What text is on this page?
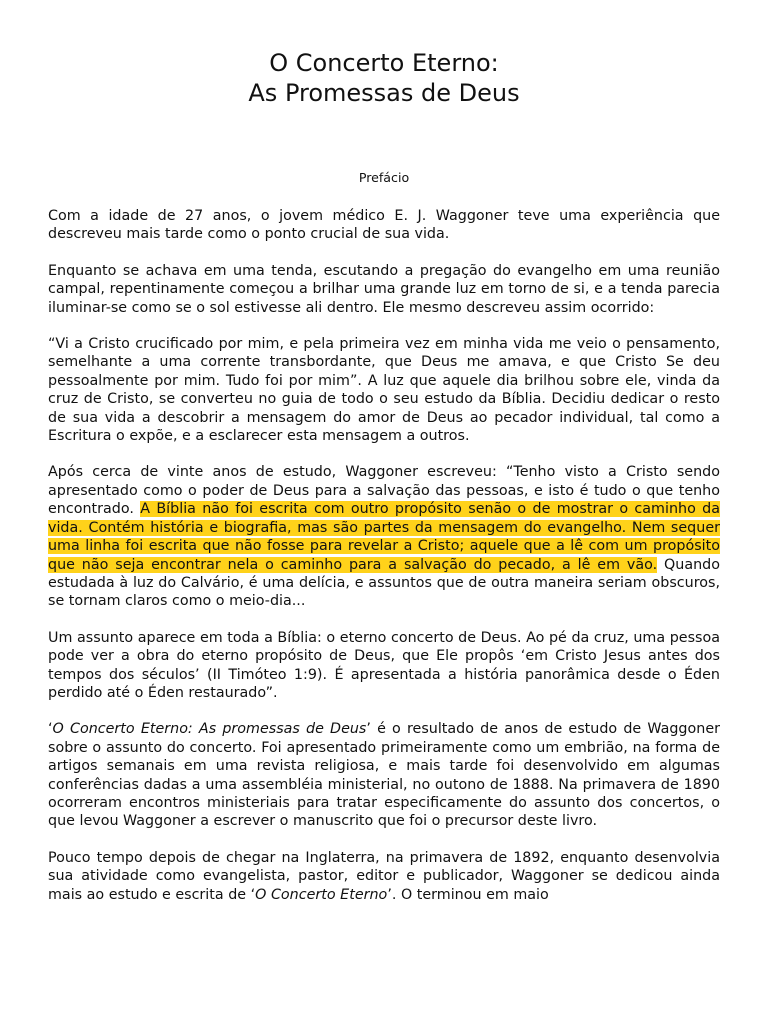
O Concerto Eterno:
As Promessas de Deus
Prefácio

Com a idade de 27 anos, o jovem médico E. J. Waggoner teve uma experiência que descreveu mais tarde como o ponto crucial de sua vida.

Enquanto se achava em uma tenda, escutando a pregação do evangelho em uma reunião campal, repentinamente começou a brilhar uma grande luz em torno de si, e a tenda parecia iluminar-se como se o sol estivesse ali dentro. Ele mesmo descreveu assim ocorrido:

“Vi a Cristo crucificado por mim, e pela primeira vez em minha vida me veio o pensamento, semelhante a uma corrente transbordante, que Deus me amava, e que Cristo Se deu pessoalmente por mim. Tudo foi por mim”. A luz que aquele dia brilhou sobre ele, vinda da cruz de Cristo, se converteu no guia de todo o seu estudo da Bíblia. Decidiu dedicar o resto de sua vida a descobrir a mensagem do amor de Deus ao pecador individual, tal como a Escritura o expõe, e a esclarecer esta mensagem a outros.

Após cerca de vinte anos de estudo, Waggoner escreveu: “Tenho visto a Cristo sendo apresentado como o poder de Deus para a salvação das pessoas, e isto é tudo o que tenho encontrado. A Bíblia não foi escrita com outro propósito senão o de mostrar o caminho da vida. Contém história e biografia, mas são partes da mensagem do evangelho. Nem sequer uma linha foi escrita que não fosse para revelar a Cristo; aquele que a lê com um propósito que não seja encontrar nela o caminho para a salvação do pecado, a lê em vão. Quando estudada à luz do Calvário, é uma delícia, e assuntos que de outra maneira seriam obscuros, se tornam claros como o meio-dia...

Um assunto aparece em toda a Bíblia: o eterno concerto de Deus. Ao pé da cruz, uma pessoa pode ver a obra do eterno propósito de Deus, que Ele propôs ‘em Cristo Jesus antes dos tempos dos séculos’ (II Timóteo 1:9). É apresentada a história panorâmica desde o Éden perdido até o Éden restaurado”.

‘O Concerto Eterno: As promessas de Deus’ é o resultado de anos de estudo de Waggoner sobre o assunto do concerto. Foi apresentado primeiramente como um embrião, na forma de artigos semanais em uma revista religiosa, e mais tarde foi desenvolvido em algumas conferências dadas a uma assembléia ministerial, no outono de 1888. Na primavera de 1890 ocorreram encontros ministeriais para tratar especificamente do assunto dos concertos, o que levou Waggoner a escrever o manuscrito que foi o precursor deste livro.

Pouco tempo depois de chegar na Inglaterra, na primavera de 1892, enquanto desenvolvia sua atividade como evangelista, pastor, editor e publicador, Waggoner se dedicou ainda mais ao estudo e escrita de ‘O Concerto Eterno’. O terminou em maio
